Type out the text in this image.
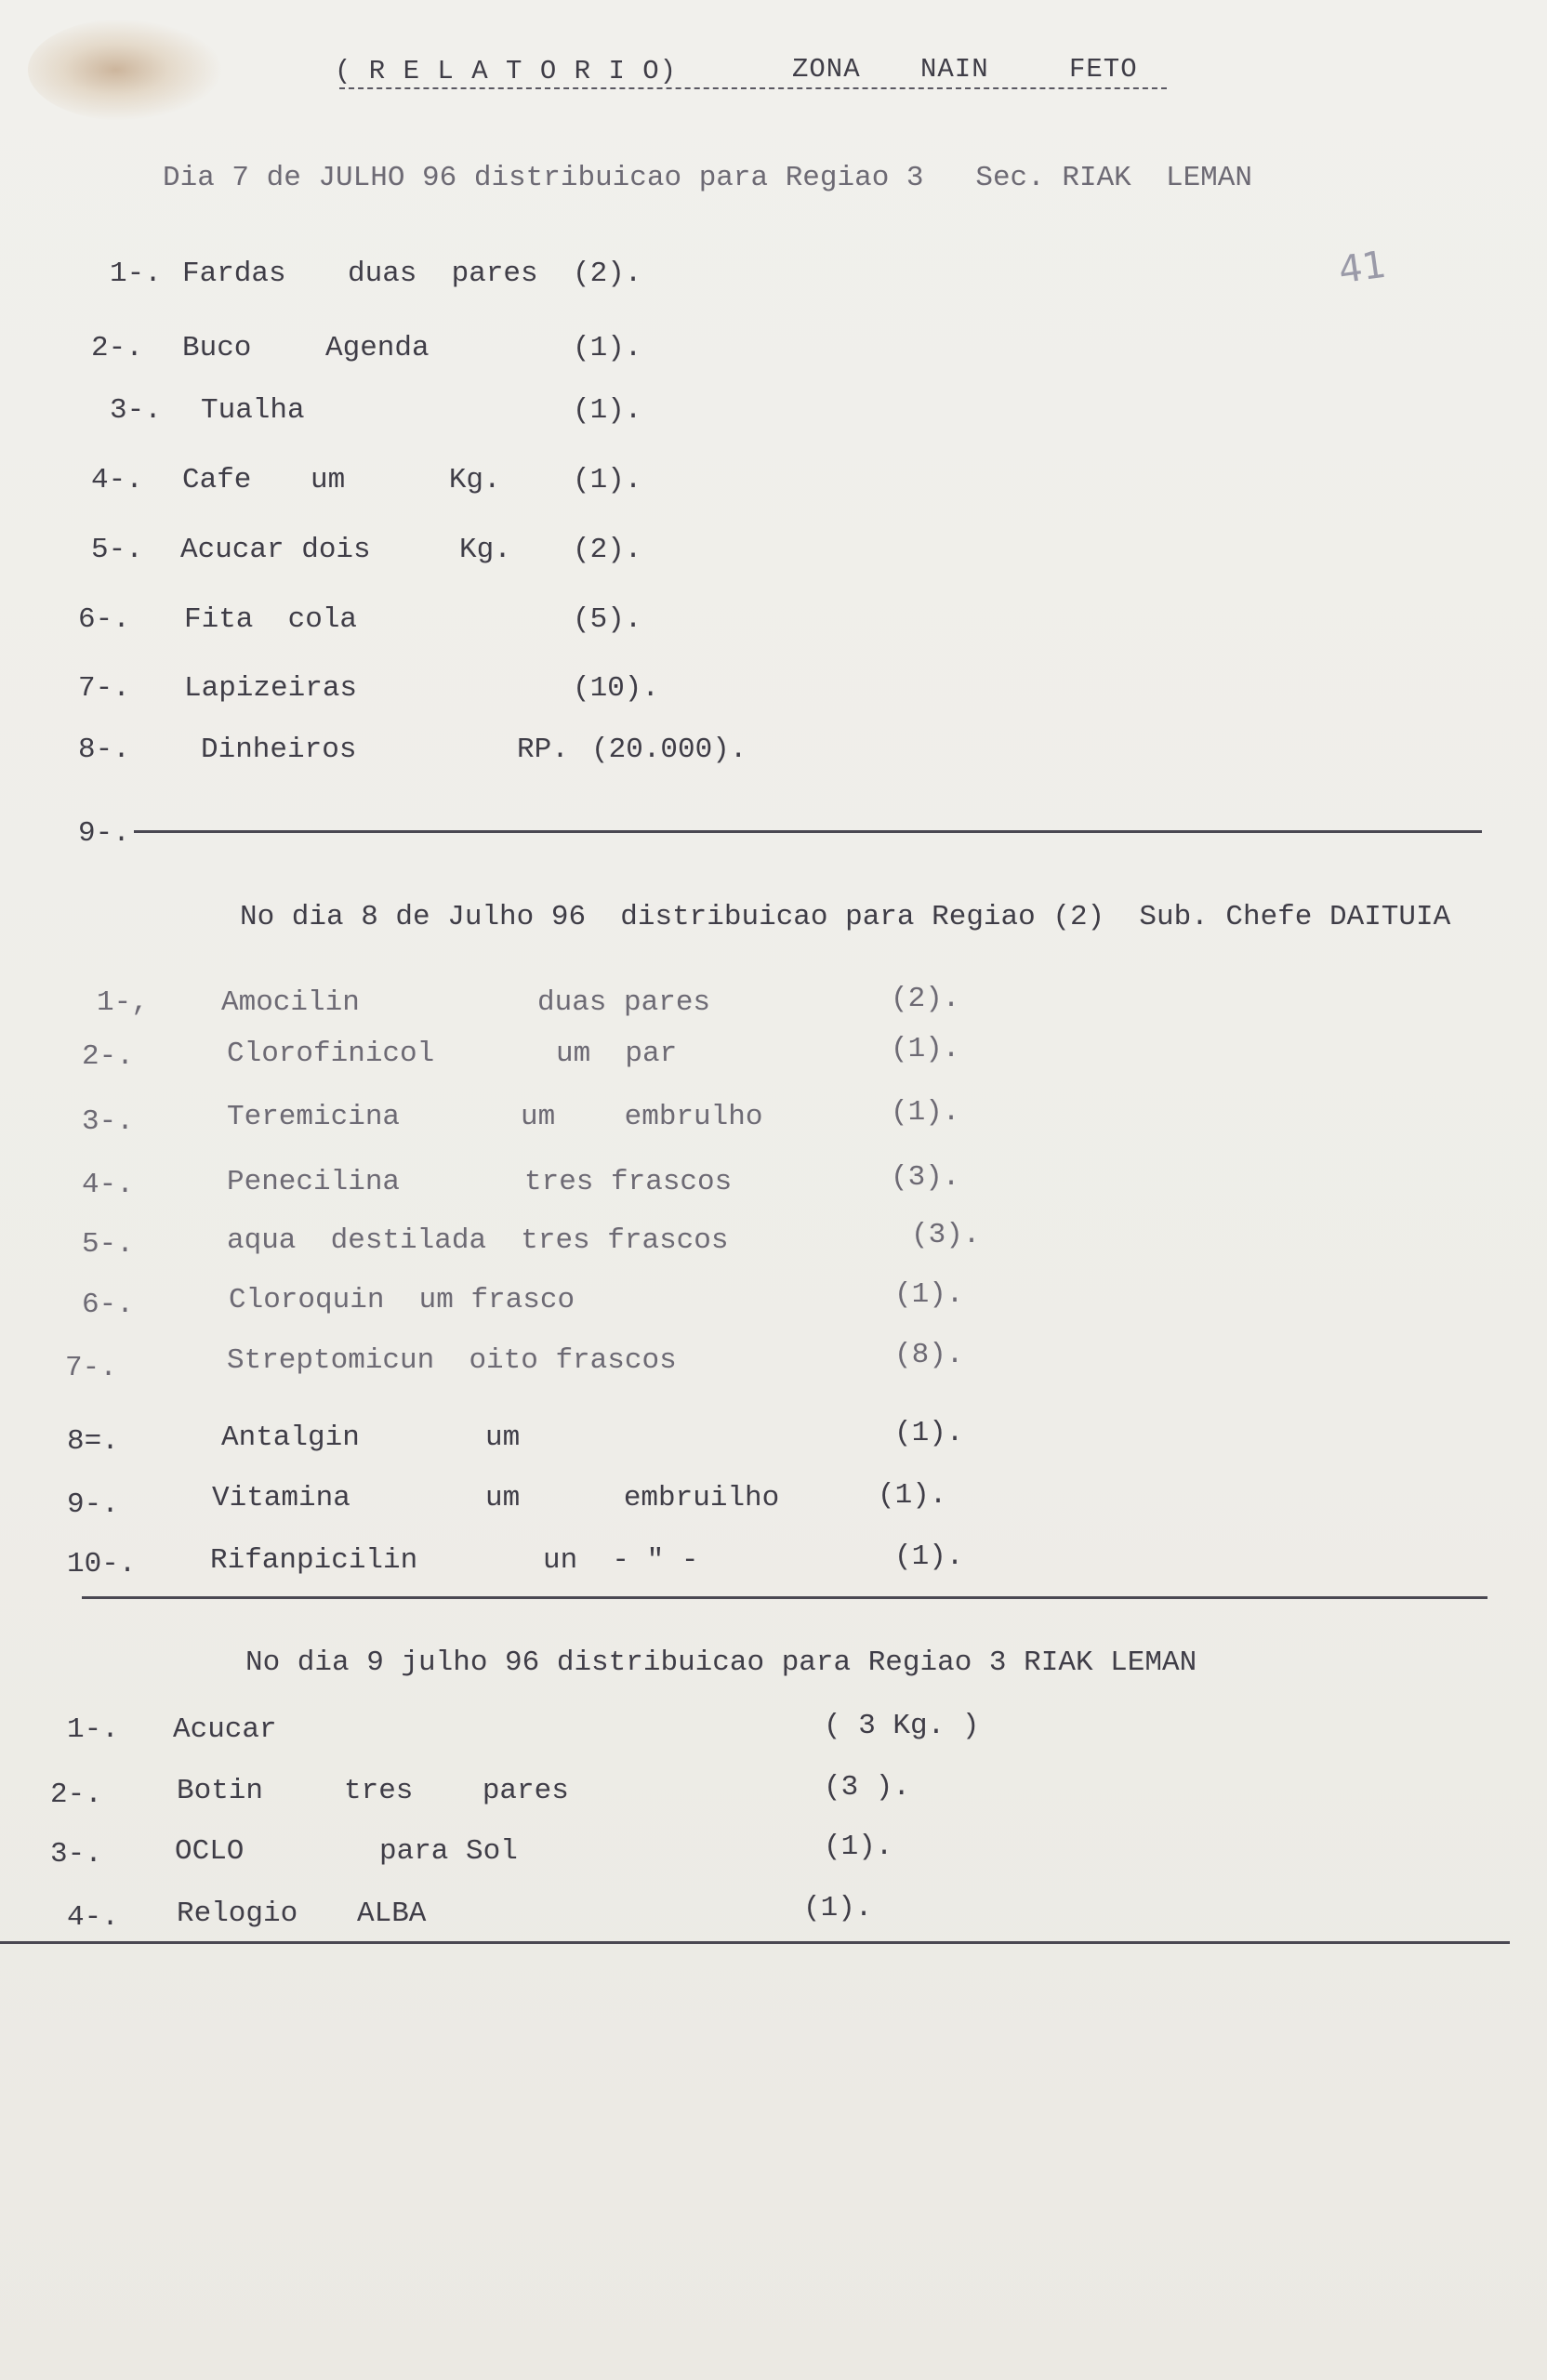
( R E L A T O R I O)	ZONA NAIN	FETO
41
Dia 7 de JULHO 96 distribuicao para Regiao 3   Sec. RIAK  LEMAN
1-. Fardas duas  pares (2).
2-. Buco	Agenda	(1).
3-. Tualha	(1).
4-. Cafe um      Kg. (1).
5-. Acucar dois	Kg. (2).
6-. Fita  cola	(5).
7-. Lapizeiras	(10).
8-. Dinheiros	RP. (20.000).
9-.
No dia 8 de Julho 96  distribuicao para Regiao (2)  Sub. Chefe DAITUIA
1-,	Amocilin	duas pares	(2).
2-.	Clorofinicol	um  par	(1).
3-.	Teremicina	um    embrulho	(1).
4-.	Penecilina	tres frascos	(3).
5-.	aqua  destilada  tres frascos	(3).
6-.	Cloroquin  um frasco	(1).
7-.	Streptomicun  oito frascos	(8).
8=.	Antalgin	um	(1).
9-.	Vitamina	um      embruilho	(1).
10-.	Rifanpicilin	un  - " -	(1).
No dia 9 julho 96 distribuicao para Regiao 3 RIAK LEMAN
1-. Acucar	( 3 Kg. )
2-.	Botin	tres    pares	(3 ).
3-.	OCLO	para Sol	(1).
4-. Relogio ALBA	(1).
